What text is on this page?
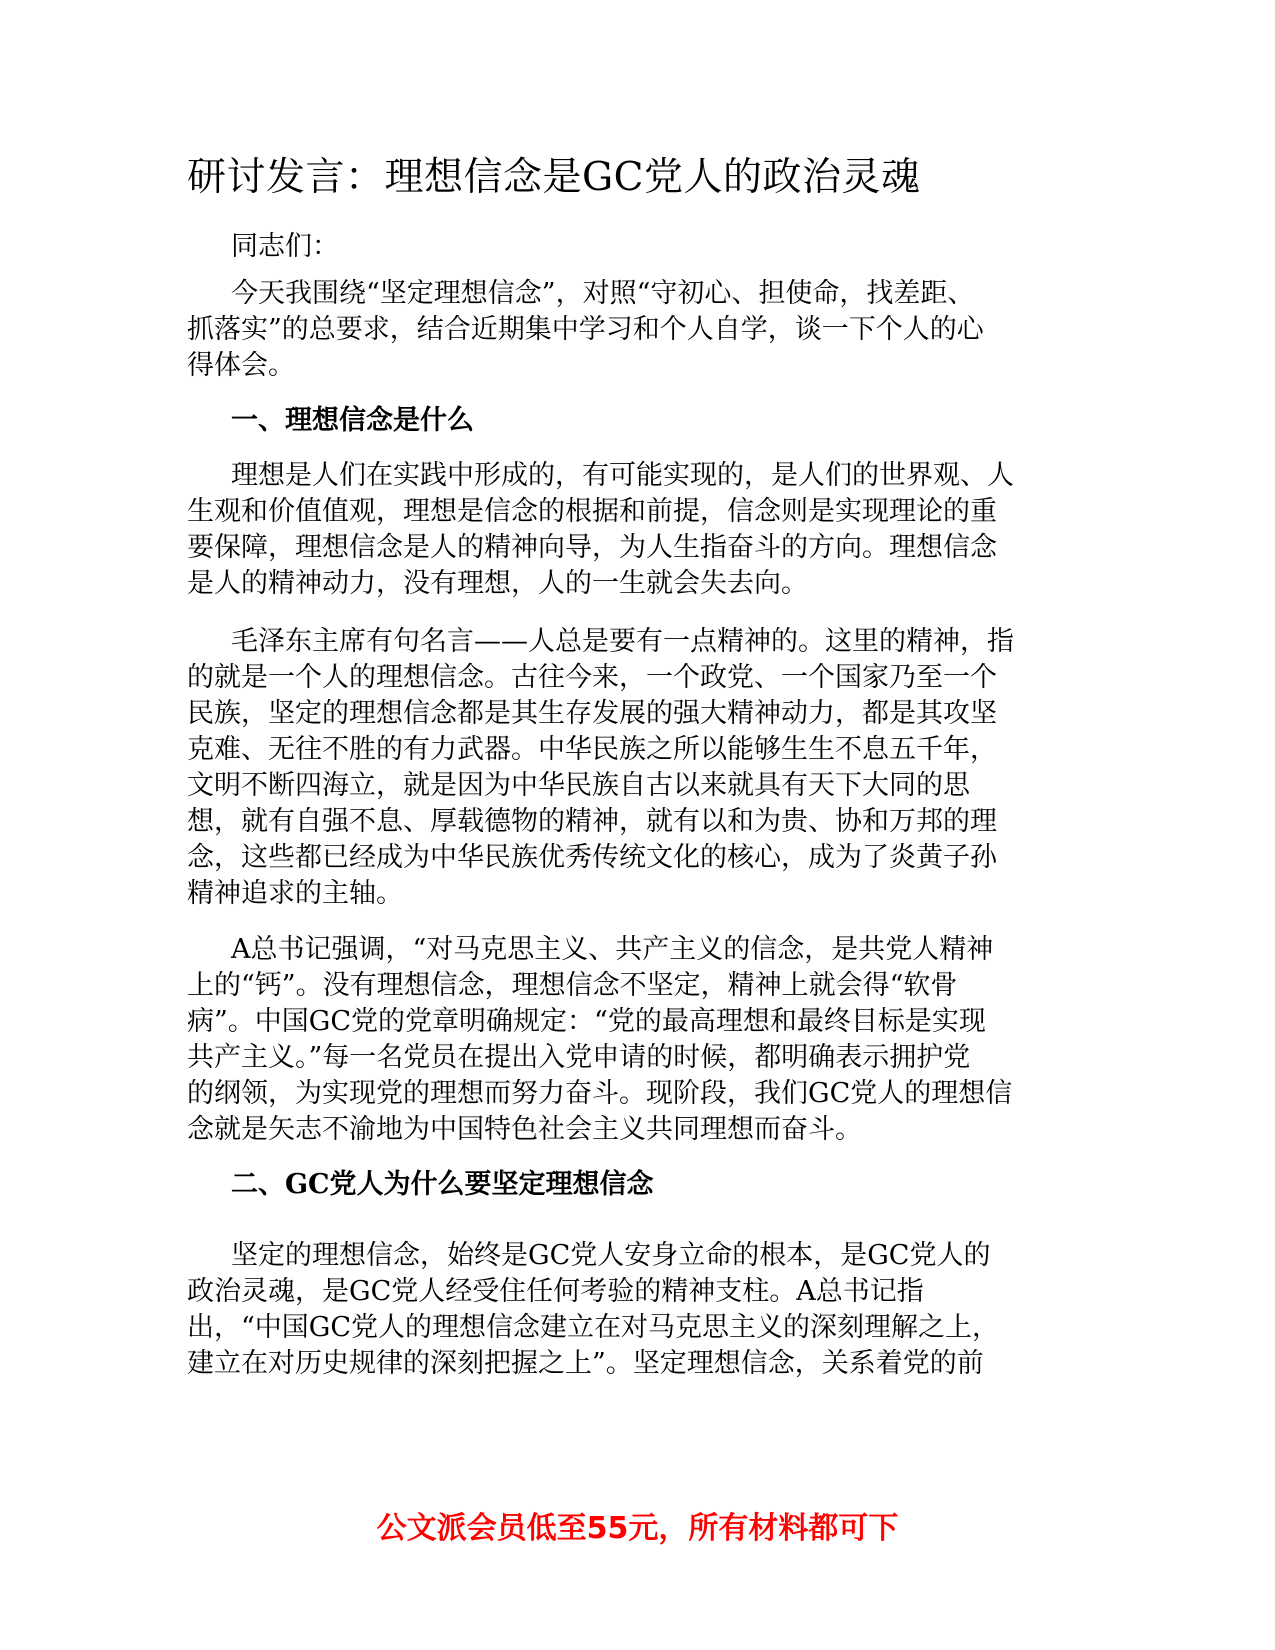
研讨发言：理想信念是GC党人的政治灵魂
同志们：
今天我围绕“坚定理想信念”，对照“守初心、担使命，找差距、
抓落实”的总要求，结合近期集中学习和个人自学，谈一下个人的心
得体会。
一、理想信念是什么
理想是人们在实践中形成的，有可能实现的，是人们的世界观、人
生观和价值值观，理想是信念的根据和前提，信念则是实现理论的重
要保障，理想信念是人的精神向导，为人生指奋斗的方向。理想信念
是人的精神动力，没有理想，人的一生就会失去向。
毛泽东主席有句名言——人总是要有一点精神的。这里的精神，指
的就是一个人的理想信念。古往今来，一个政党、一个国家乃至一个
民族，坚定的理想信念都是其生存发展的强大精神动力，都是其攻坚
克难、无往不胜的有力武器。中华民族之所以能够生生不息五千年，
文明不断四海立，就是因为中华民族自古以来就具有天下大同的思
想，就有自强不息、厚载德物的精神，就有以和为贵、协和万邦的理
念，这些都已经成为中华民族优秀传统文化的核心，成为了炎黄子孙
精神追求的主轴。
A总书记强调，“对马克思主义、共产主义的信念，是共党人精神
上的“钙”。没有理想信念，理想信念不坚定，精神上就会得“软骨
病”。中国GC党的党章明确规定：“党的最高理想和最终目标是实现
共产主义。”每一名党员在提出入党申请的时候，都明确表示拥护党
的纲领，为实现党的理想而努力奋斗。现阶段，我们GC党人的理想信
念就是矢志不渝地为中国特色社会主义共同理想而奋斗。
二、GC党人为什么要坚定理想信念
坚定的理想信念，始终是GC党人安身立命的根本，是GC党人的
政治灵魂，是GC党人经受住任何考验的精神支柱。A总书记指
出，“中国GC党人的理想信念建立在对马克思主义的深刻理解之上，
建立在对历史规律的深刻把握之上”。坚定理想信念，关系着党的前
公文派会员低至55元，所有材料都可下
